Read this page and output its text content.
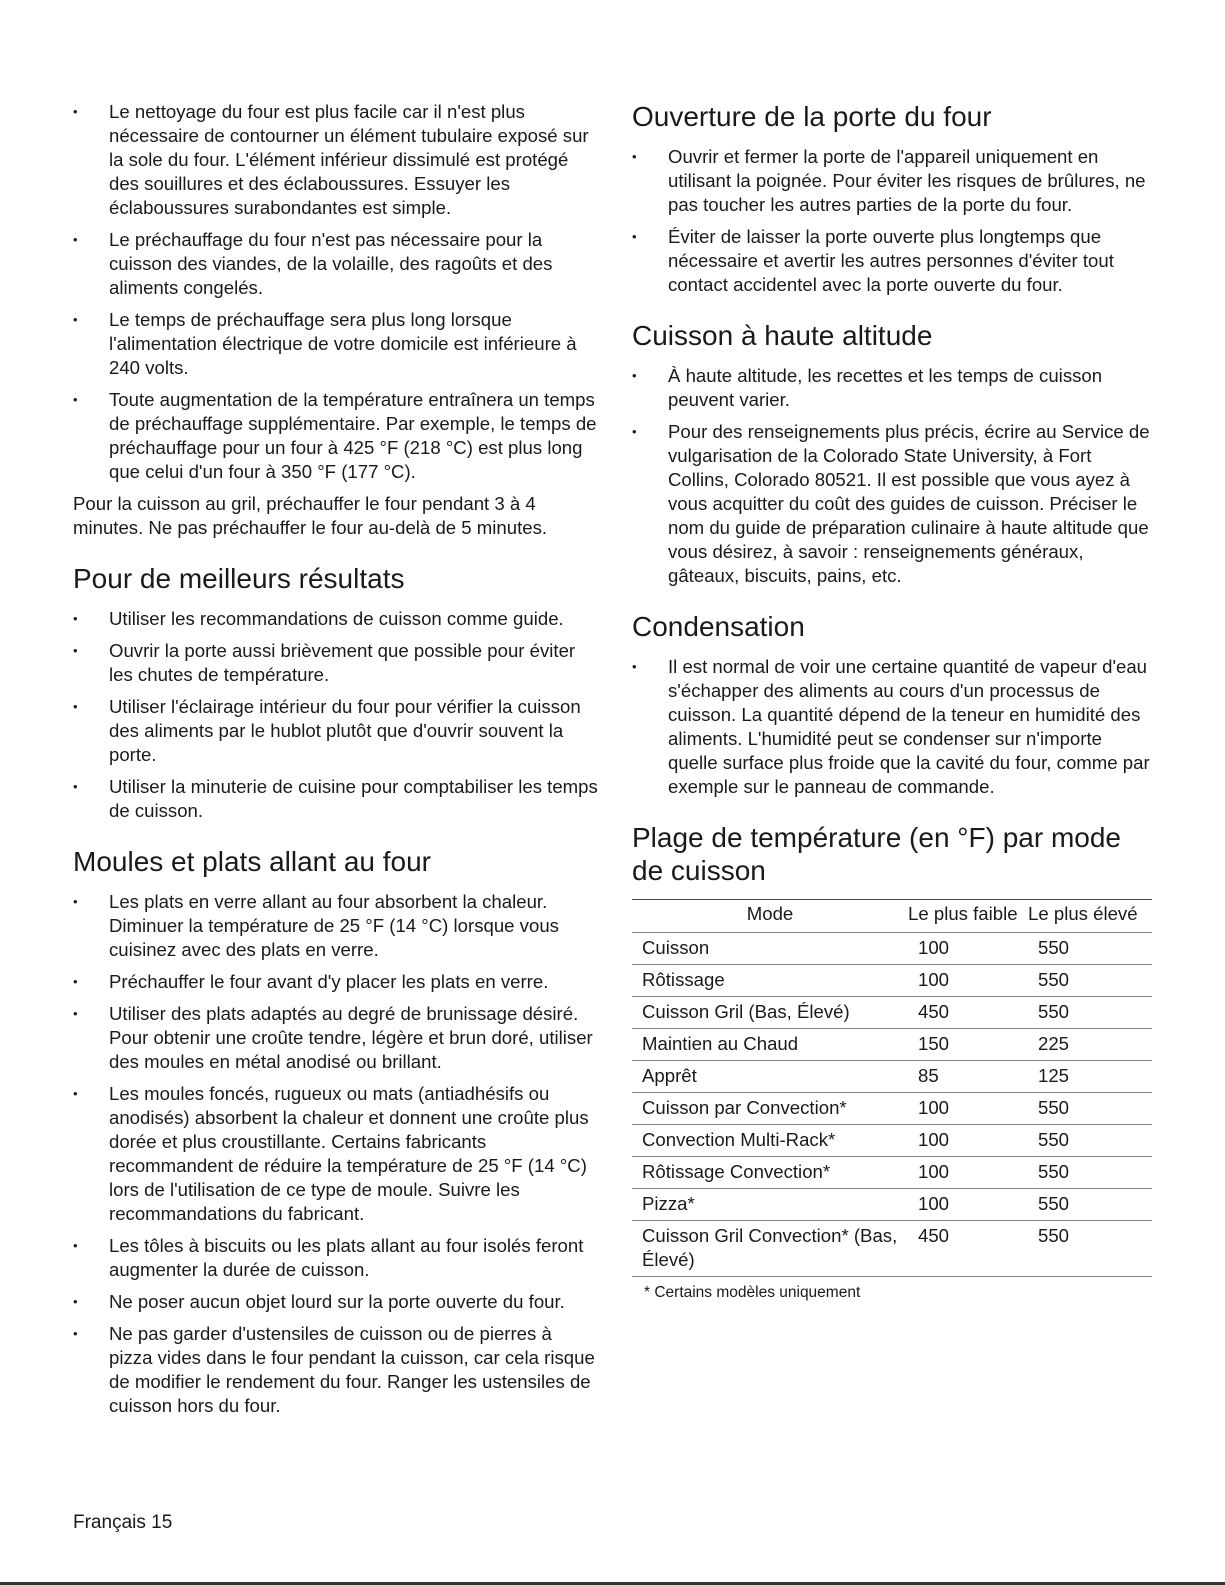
• Le nettoyage du four est plus facile car il n'est plus nécessaire de contourner un élément tubulaire exposé sur la sole du four. L'élément inférieur dissimulé est protégé des souillures et des éclaboussures. Essuyer les éclaboussures surabondantes est simple.
• Le préchauffage du four n'est pas nécessaire pour la cuisson des viandes, de la volaille, des ragoûts et des aliments congelés.
• Le temps de préchauffage sera plus long lorsque l'alimentation électrique de votre domicile est inférieure à 240 volts.
• Toute augmentation de la température entraînera un temps de préchauffage supplémentaire. Par exemple, le temps de préchauffage pour un four à 425 °F (218 °C) est plus long que celui d'un four à 350 °F (177 °C).

Pour la cuisson au gril, préchauffer le four pendant 3 à 4 minutes. Ne pas préchauffer le four au-delà de 5 minutes.

Pour de meilleurs résultats
• Utiliser les recommandations de cuisson comme guide.
• Ouvrir la porte aussi brièvement que possible pour éviter les chutes de température.
• Utiliser l'éclairage intérieur du four pour vérifier la cuisson des aliments par le hublot plutôt que d'ouvrir souvent la porte.
• Utiliser la minuterie de cuisine pour comptabiliser les temps de cuisson.
Moules et plats allant au four
• Les plats en verre allant au four absorbent la chaleur. Diminuer la température de 25 °F (14 °C) lorsque vous cuisinez avec des plats en verre.
• Préchauffer le four avant d'y placer les plats en verre.
• Utiliser des plats adaptés au degré de brunissage désiré. Pour obtenir une croûte tendre, légère et brun doré, utiliser des moules en métal anodisé ou brillant.
• Les moules foncés, rugueux ou mats (antiadhésifs ou anodisés) absorbent la chaleur et donnent une croûte plus dorée et plus croustillante. Certains fabricants recommandent de réduire la température de 25 °F (14 °C) lors de l'utilisation de ce type de moule. Suivre les recommandations du fabricant.
• Les tôles à biscuits ou les plats allant au four isolés feront augmenter la durée de cuisson.
• Ne poser aucun objet lourd sur la porte ouverte du four.
• Ne pas garder d'ustensiles de cuisson ou de pierres à pizza vides dans le four pendant la cuisson, car cela risque de modifier le rendement du four. Ranger les ustensiles de cuisson hors du four.
Ouverture de la porte du four
• Ouvrir et fermer la porte de l'appareil uniquement en utilisant la poignée. Pour éviter les risques de brûlures, ne pas toucher les autres parties de la porte du four.
• Éviter de laisser la porte ouverte plus longtemps que nécessaire et avertir les autres personnes d'éviter tout contact accidentel avec la porte ouverte du four.
Cuisson à haute altitude
• À haute altitude, les recettes et les temps de cuisson peuvent varier.
• Pour des renseignements plus précis, écrire au Service de vulgarisation de la Colorado State University, à Fort Collins, Colorado 80521. Il est possible que vous ayez à vous acquitter du coût des guides de cuisson. Préciser le nom du guide de préparation culinaire à haute altitude que vous désirez, à savoir : renseignements généraux, gâteaux, biscuits, pains, etc.
Condensation
• Il est normal de voir une certaine quantité de vapeur d'eau s'échapper des aliments au cours d'un processus de cuisson. La quantité dépend de la teneur en humidité des aliments. L'humidité peut se condenser sur n'importe quelle surface plus froide que la cavité du four, comme par exemple sur le panneau de commande.
Plage de température (en °F) par mode de cuisson
Mode	Le plus faible	Le plus élevé
Cuisson	100	550
Rôtissage	100	550
Cuisson Gril (Bas, Élevé)	450	550
Maintien au Chaud	150	225
Apprêt	85	125
Cuisson par Convection*	100	550
Convection Multi-Rack*	100	550
Rôtissage Convection*	100	550
Pizza*	100	550
Cuisson Gril Convection* (Bas, Élevé)	450	550
* Certains modèles uniquement
Français 15
